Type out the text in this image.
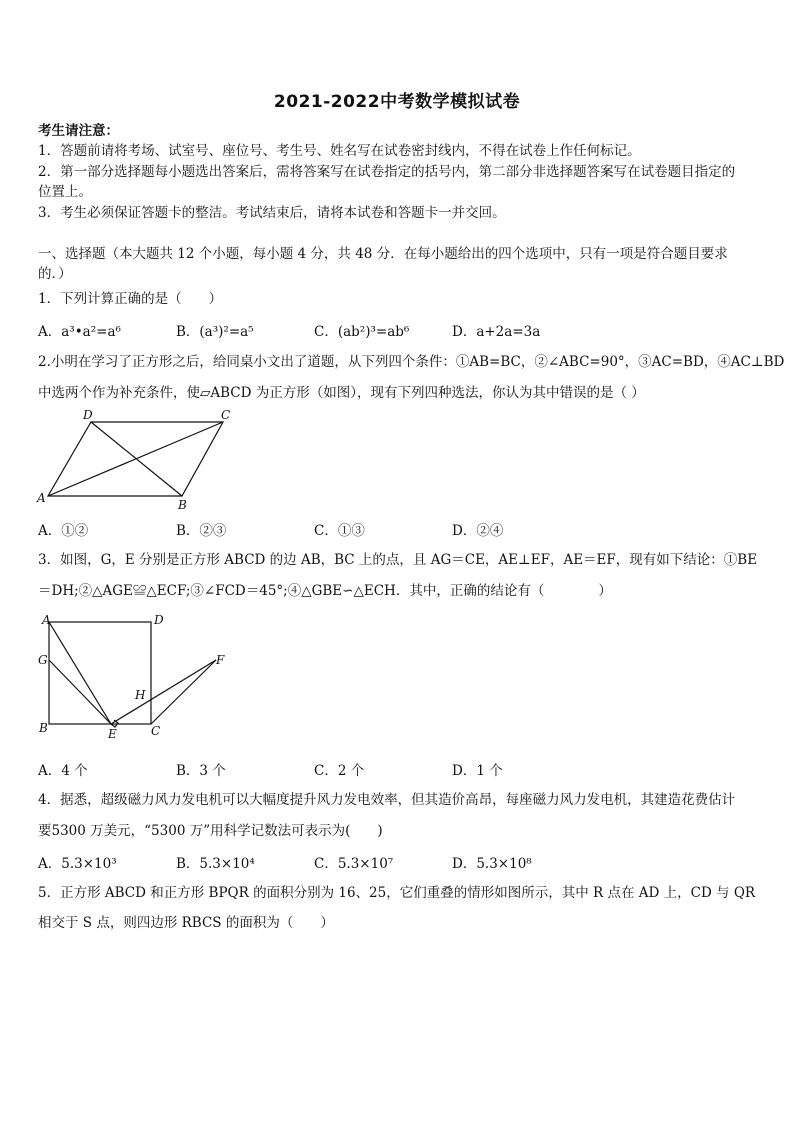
2021-2022中考数学模拟试卷
考生请注意：
1．答题前请将考场、试室号、座位号、考生号、姓名写在试卷密封线内，不得在试卷上作任何标记。
2．第一部分选择题每小题选出答案后，需将答案写在试卷指定的括号内，第二部分非选择题答案写在试卷题目指定的
位置上。
3．考生必须保证答题卡的整洁。考试结束后，请将本试卷和答题卡一并交回。
一、选择题（本大题共 12 个小题，每小题 4 分，共 48 分．在每小题给出的四个选项中，只有一项是符合题目要求
的．）
1．下列计算正确的是（　　）
A．a³•a²=a⁶	B．(a³)²=a⁵	C．(ab²)³=ab⁶	D．a+2a=3a
2.小明在学习了正方形之后，给同桌小文出了道题，从下列四个条件：①AB=BC，②∠ABC=90°，③AC=BD，④AC⊥BD
中选两个作为补充条件，使▱ABCD 为正方形（如图），现有下列四种选法，你认为其中错误的是（ ）
D	C
A	B
A．①②	B．②③	C．①③	D．②④
3．如图，G，E 分别是正方形 ABCD 的边 AB，BC 上的点，且 AG＝CE，AE⊥EF，AE＝EF，现有如下结论：①BE
＝DH;②△AGE≌△ECF;③∠FCD＝45°;④△GBE∽△ECH．其中，正确的结论有（　　　　）
A	D
G	F
H
B	E	C
A．4 个	B．3 个	C．2 个	D．1 个
4．据悉，超级磁力风力发电机可以大幅度提升风力发电效率，但其造价高昂，每座磁力风力发电机，其建造花费估计
要5300 万美元，“5300 万”用科学记数法可表示为(　　)
A．5.3×10³	B．5.3×10⁴	C．5.3×10⁷	D．5.3×10⁸
5．正方形 ABCD 和正方形 BPQR 的面积分别为 16、25，它们重叠的情形如图所示，其中 R 点在 AD 上，CD 与 QR
相交于 S 点，则四边形 RBCS 的面积为（　　）
